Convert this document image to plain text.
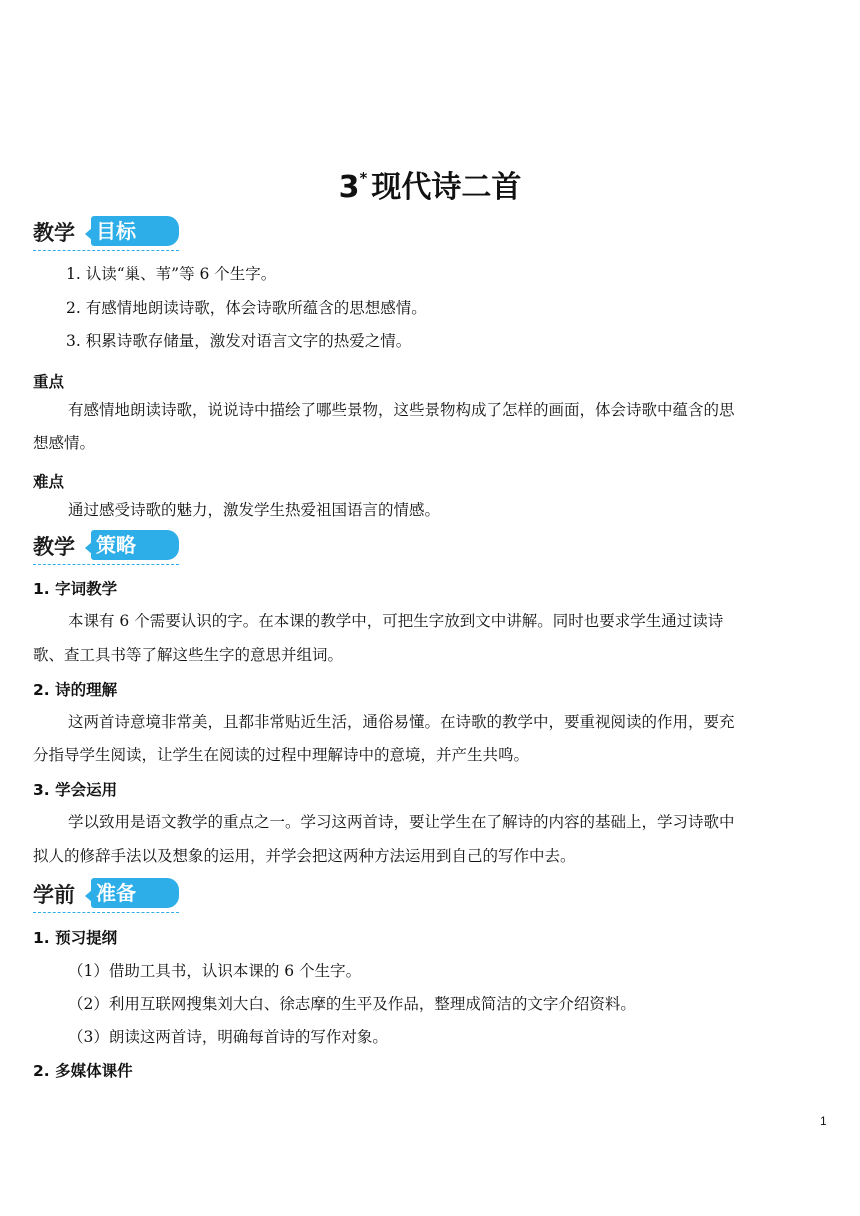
3* 现代诗二首
教学 目标
1. 认读“巢、苇”等 6 个生字。
2. 有感情地朗读诗歌，体会诗歌所蕴含的思想感情。
3. 积累诗歌存储量，激发对语言文字的热爱之情。
重点
有感情地朗读诗歌，说说诗中描绘了哪些景物，这些景物构成了怎样的画面，体会诗歌中蕴含的思
想感情。
难点
通过感受诗歌的魅力，激发学生热爱祖国语言的情感。
教学 策略
1. 字词教学
本课有 6 个需要认识的字。在本课的教学中，可把生字放到文中讲解。同时也要求学生通过读诗
歌、查工具书等了解这些生字的意思并组词。
2. 诗的理解
这两首诗意境非常美，且都非常贴近生活，通俗易懂。在诗歌的教学中，要重视阅读的作用，要充
分指导学生阅读，让学生在阅读的过程中理解诗中的意境，并产生共鸣。
3. 学会运用
学以致用是语文教学的重点之一。学习这两首诗，要让学生在了解诗的内容的基础上，学习诗歌中
拟人的修辞手法以及想象的运用，并学会把这两种方法运用到自己的写作中去。
学前 准备
1. 预习提纲
（1）借助工具书，认识本课的 6 个生字。
（2）利用互联网搜集刘大白、徐志摩的生平及作品，整理成简洁的文字介绍资料。
（3）朗读这两首诗，明确每首诗的写作对象。
2. 多媒体课件
1
